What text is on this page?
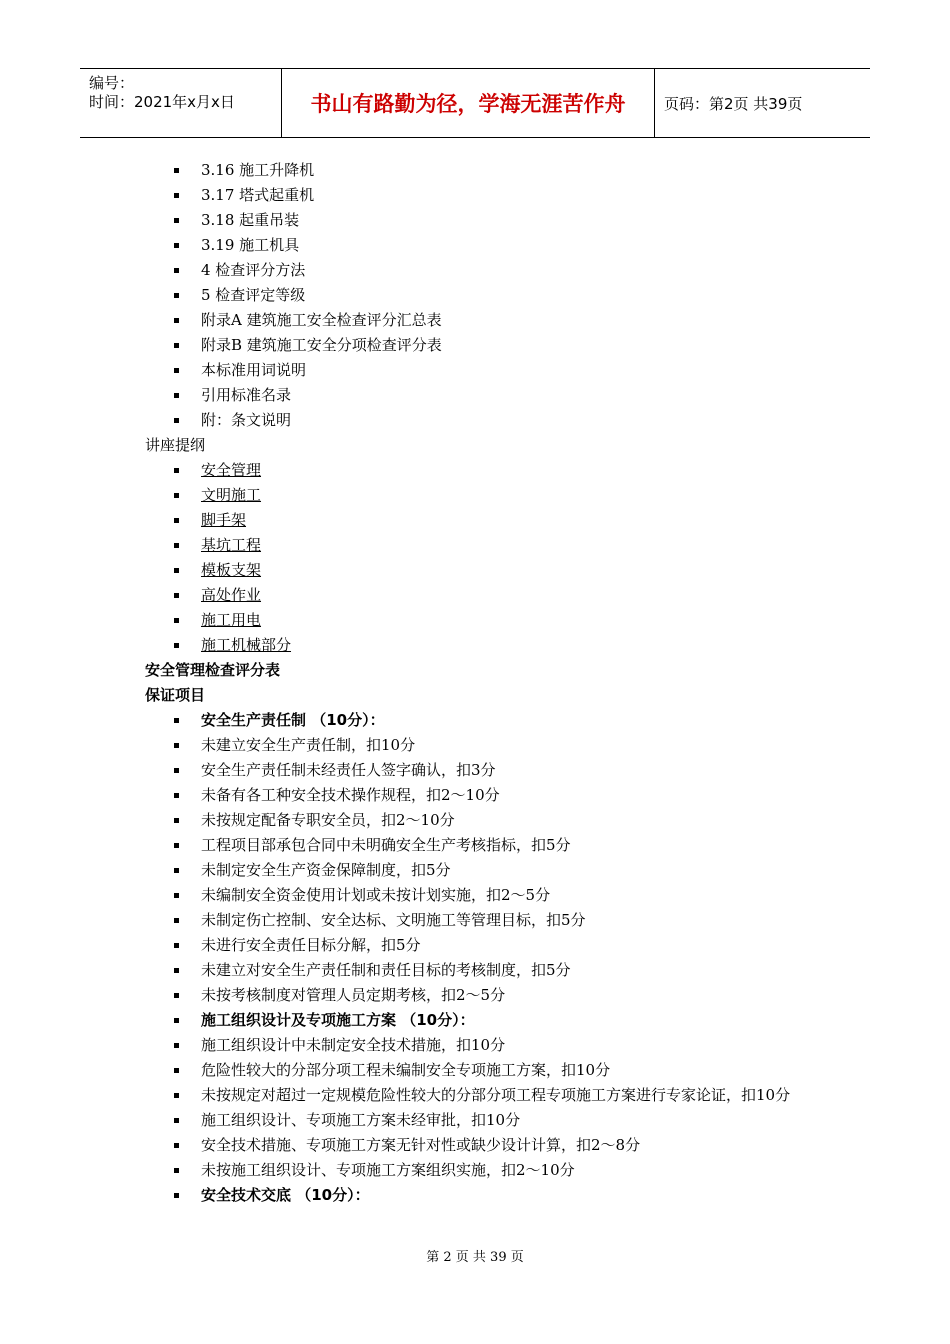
编号：
时间：2021年x月x日	书山有路勤为径，学海无涯苦作舟	页码：第2页 共39页
3.16 施工升降机
3.17 塔式起重机
3.18 起重吊装
3.19 施工机具
4 检查评分方法
5 检查评定等级
附录A 建筑施工安全检查评分汇总表
附录B 建筑施工安全分项检查评分表
本标准用词说明
引用标准名录
附：条文说明
讲座提纲
安全管理
文明施工
脚手架
基坑工程
模板支架
高处作业
施工用电
施工机械部分
安全管理检查评分表
保证项目
安全生产责任制 （10分）：
未建立安全生产责任制，扣10分
安全生产责任制未经责任人签字确认，扣3分
未备有各工种安全技术操作规程，扣2～10分
未按规定配备专职安全员，扣2～10分
工程项目部承包合同中未明确安全生产考核指标，扣5分
未制定安全生产资金保障制度，扣5分
未编制安全资金使用计划或未按计划实施，扣2～5分
未制定伤亡控制、安全达标、文明施工等管理目标，扣5分
未进行安全责任目标分解，扣5分
未建立对安全生产责任制和责任目标的考核制度，扣5分
未按考核制度对管理人员定期考核，扣2～5分
施工组织设计及专项施工方案 （10分）：
施工组织设计中未制定安全技术措施，扣10分
危险性较大的分部分项工程未编制安全专项施工方案，扣10分
未按规定对超过一定规模危险性较大的分部分项工程专项施工方案进行专家论证，扣10分
施工组织设计、专项施工方案未经审批，扣10分
安全技术措施、专项施工方案无针对性或缺少设计计算，扣2～8分
未按施工组织设计、专项施工方案组织实施，扣2～10分
安全技术交底 （10分）：
第 2 页 共 39 页
